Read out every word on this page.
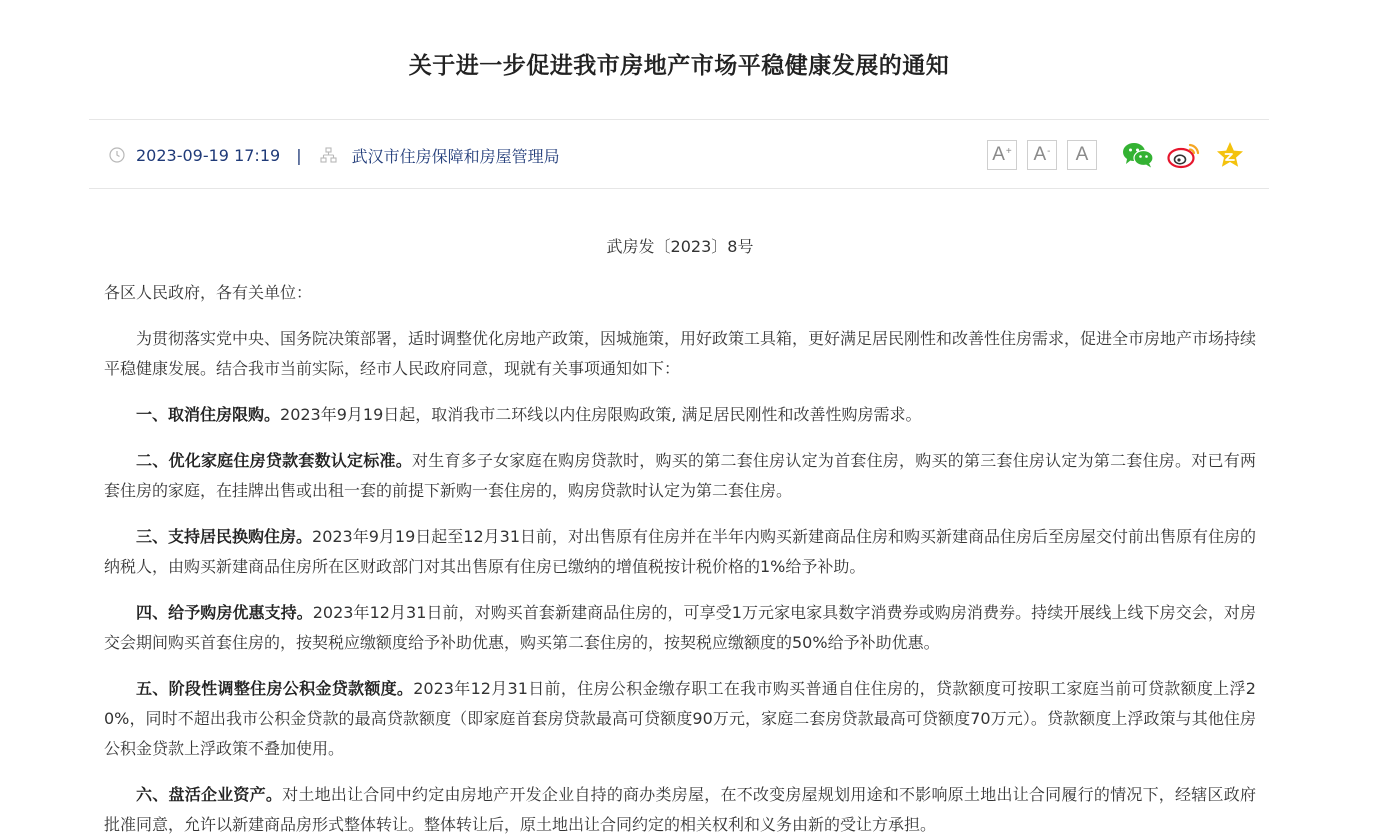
关于进一步促进我市房地产市场平稳健康发展的通知
2023-09-19 17:19 |	武汉市住房保障和房屋管理局	A+ A- A

武房发〔2023〕8号

各区人民政府，各有关单位：

为贯彻落实党中央、国务院决策部署，适时调整优化房地产政策，因城施策，用好政策工具箱，更好满足居民刚性和改善性住房需求，促进全市房地产市场持续平稳健康发展。结合我市当前实际，经市人民政府同意，现就有关事项通知如下：

一、取消住房限购。2023年9月19日起，取消我市二环线以内住房限购政策, 满足居民刚性和改善性购房需求。

二、优化家庭住房贷款套数认定标准。对生育多子女家庭在购房贷款时，购买的第二套住房认定为首套住房，购买的第三套住房认定为第二套住房。对已有两套住房的家庭，在挂牌出售或出租一套的前提下新购一套住房的，购房贷款时认定为第二套住房。

三、支持居民换购住房。2023年9月19日起至12月31日前，对出售原有住房并在半年内购买新建商品住房和购买新建商品住房后至房屋交付前出售原有住房的纳税人，由购买新建商品住房所在区财政部门对其出售原有住房已缴纳的增值税按计税价格的1%给予补助。

四、给予购房优惠支持。2023年12月31日前，对购买首套新建商品住房的，可享受1万元家电家具数字消费券或购房消费券。持续开展线上线下房交会，对房交会期间购买首套住房的，按契税应缴额度给予补助优惠，购买第二套住房的，按契税应缴额度的50%给予补助优惠。

五、阶段性调整住房公积金贷款额度。2023年12月31日前，住房公积金缴存职工在我市购买普通自住住房的，贷款额度可按职工家庭当前可贷款额度上浮20%，同时不超出我市公积金贷款的最高贷款额度（即家庭首套房贷款最高可贷额度90万元，家庭二套房贷款最高可贷额度70万元）。贷款额度上浮政策与其他住房公积金贷款上浮政策不叠加使用。

六、盘活企业资产。对土地出让合同中约定由房地产开发企业自持的商办类房屋，在不改变房屋规划用途和不影响原土地出让合同履行的情况下，经辖区政府批准同意，允许以新建商品房形式整体转让。整体转让后，原土地出让合同约定的相关权利和义务由新的受让方承担。
